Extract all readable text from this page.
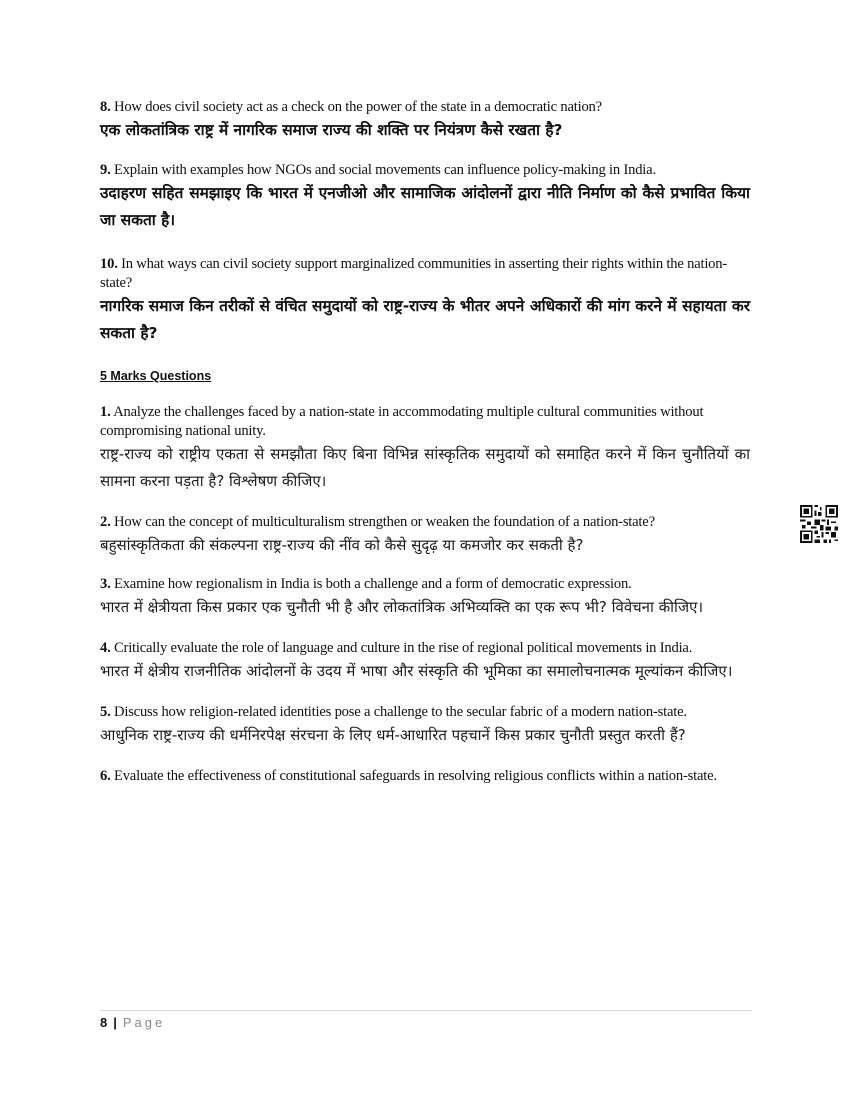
8. How does civil society act as a check on the power of the state in a democratic nation?
एक लोकतांत्रिक राष्ट्र में नागरिक समाज राज्य की शक्ति पर नियंत्रण कैसे रखता है?
9. Explain with examples how NGOs and social movements can influence policy-making in India.
उदाहरण सहित समझाइए कि भारत में एनजीओ और सामाजिक आंदोलनों द्वारा नीति निर्माण को कैसे प्रभावित किया जा सकता है।
10. In what ways can civil society support marginalized communities in asserting their rights within the nation-state?
नागरिक समाज किन तरीकों से वंचित समुदायों को राष्ट्र-राज्य के भीतर अपने अधिकारों की मांग करने में सहायता कर सकता है?
5 Marks Questions
1. Analyze the challenges faced by a nation-state in accommodating multiple cultural communities without compromising national unity.
राष्ट्र-राज्य को राष्ट्रीय एकता से समझौता किए बिना विभिन्न सांस्कृतिक समुदायों को समाहित करने में किन चुनौतियों का सामना करना पड़ता है? विश्लेषण कीजिए।
2. How can the concept of multiculturalism strengthen or weaken the foundation of a nation-state?
बहुसांस्कृतिकता की संकल्पना राष्ट्र-राज्य की नींव को कैसे सुदृढ़ या कमजोर कर सकती है?
3. Examine how regionalism in India is both a challenge and a form of democratic expression.
भारत में क्षेत्रीयता किस प्रकार एक चुनौती भी है और लोकतांत्रिक अभिव्यक्ति का एक रूप भी? विवेचना कीजिए।
4. Critically evaluate the role of language and culture in the rise of regional political movements in India.
भारत में क्षेत्रीय राजनीतिक आंदोलनों के उदय में भाषा और संस्कृति की भूमिका का समालोचनात्मक मूल्यांकन कीजिए।
5. Discuss how religion-related identities pose a challenge to the secular fabric of a modern nation-state.
आधुनिक राष्ट्र-राज्य की धर्मनिरपेक्ष संरचना के लिए धर्म-आधारित पहचानें किस प्रकार चुनौती प्रस्तुत करती हैं?
6. Evaluate the effectiveness of constitutional safeguards in resolving religious conflicts within a nation-state.
8 | Page
